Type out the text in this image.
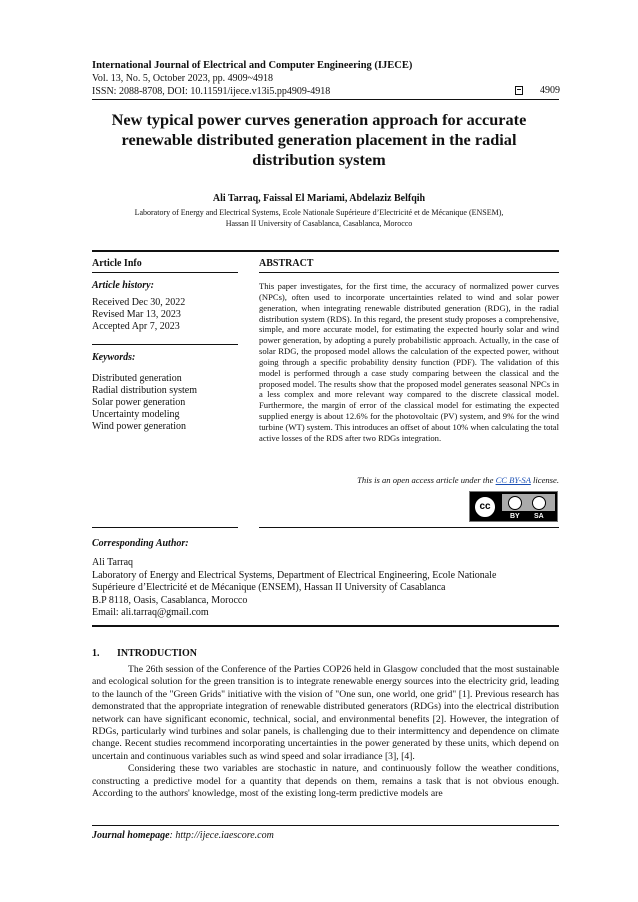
International Journal of Electrical and Computer Engineering (IJECE)
Vol. 13, No. 5, October 2023, pp. 4909~4918
ISSN: 2088-8708, DOI: 10.11591/ijece.v13i5.pp4909-4918	4909
New typical power curves generation approach for accurate
renewable distributed generation placement in the radial
distribution system
Ali Tarraq, Faissal El Mariami, Abdelaziz Belfqih
Laboratory of Energy and Electrical Systems, Ecole Nationale Supérieure d’Electricité et de Mécanique (ENSEM),
Hassan II University of Casablanca, Casablanca, Morocco
Article Info
Article history:
Received Dec 30, 2022
Revised Mar 13, 2023
Accepted Apr 7, 2023
Keywords:
Distributed generation
Radial distribution system
Solar power generation
Uncertainty modeling
Wind power generation
ABSTRACT
This paper investigates, for the first time, the accuracy of normalized power curves (NPCs), often used to incorporate uncertainties related to wind and solar power generation, when integrating renewable distributed generation (RDG), in the radial distribution system (RDS). In this regard, the present study proposes a comprehensive, simple, and more accurate model, for estimating the expected hourly solar and wind power generation, by adopting a purely probabilistic approach. Actually, in the case of solar RDG, the proposed model allows the calculation of the expected power, without going through a specific probability density function (PDF). The validation of this model is performed through a case study comparing between the classical and the proposed model. The results show that the proposed model generates seasonal NPCs in a less complex and more relevant way compared to the discrete classical model. Furthermore, the margin of error of the classical model for estimating the expected supplied energy is about 12.6% for the photovoltaic (PV) system, and 9% for the wind turbine (WT) system. This introduces an offset of about 10% when calculating the total active losses of the RDS after two RDGs integration.
This is an open access article under the CC BY-SA license.
cc
BY SA
Corresponding Author:
Ali Tarraq
Laboratory of Energy and Electrical Systems, Department of Electrical Engineering, Ecole Nationale
Supérieure d’Electricité et de Mécanique (ENSEM), Hassan II University of Casablanca
B.P 8118, Oasis, Casablanca, Morocco
Email: ali.tarraq@gmail.com
1.       INTRODUCTION

The 26th session of the Conference of the Parties COP26 held in Glasgow concluded that the most sustainable and ecological solution for the green transition is to integrate renewable energy sources into the electricity grid, leading to the launch of the "Green Grids" initiative with the vision of "One sun, one world, one grid" [1]. Previous research has demonstrated that the appropriate integration of renewable distributed generators (RDGs) into the electrical distribution network can have significant economic, technical, social, and environmental benefits [2]. However, the integration of RDGs, particularly wind turbines and solar panels, is challenging due to their intermittency and dependence on climate change. Recent studies recommend incorporating uncertainties in the power generated by these units, which depend on uncertain and continuous variables such as wind speed and solar irradiance [3], [4].

Considering these two variables are stochastic in nature, and continuously follow the weather conditions, constructing a predictive model for a quantity that depends on them, remains a task that is not obvious enough. According to the authors' knowledge, most of the existing long-term predictive models are

Journal homepage: http://ijece.iaescore.com
